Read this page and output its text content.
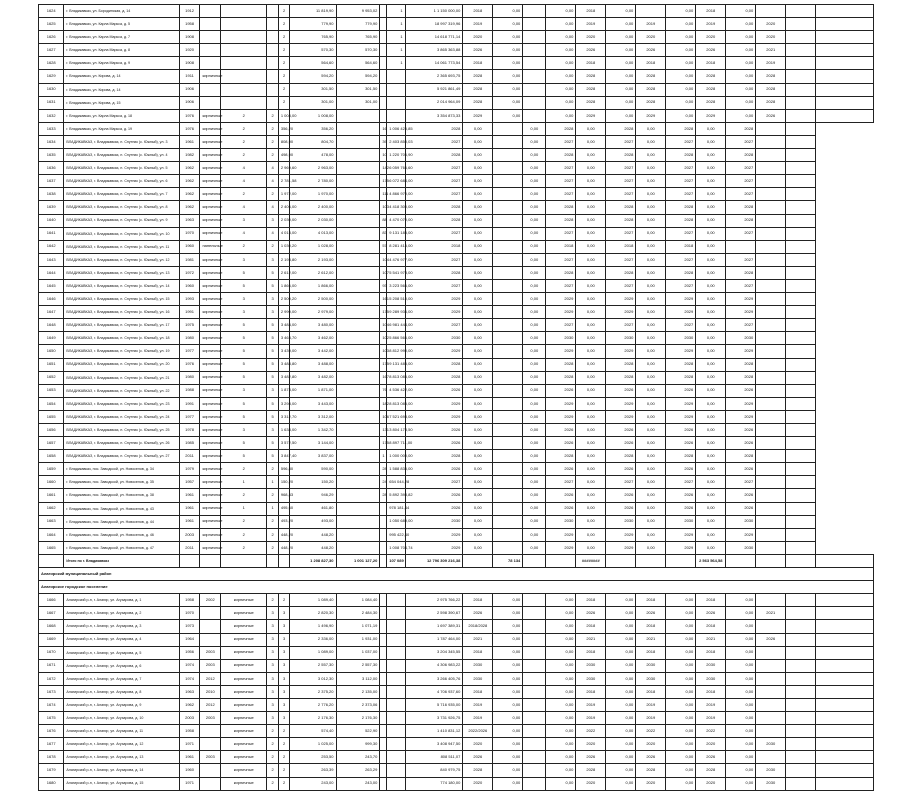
1624	г. Владикавказ, ул. Бородинская, д. 14	1912				2	11 819,90	9 953,02		1	1 1 150 000,00	2018	0,00		0,00	2018	0,00		0,00	2018	0,00			
1625	г. Владикавказ, ул. Карла Маркса, д. 5	1958				2	779,90	779,90		1	18 997 319,96	2019	0,00		0,00	2019	0,00	2019	0,00	2019	0,00	2020		
1626	г. Владикавказ, ул. Карла Маркса, д. 7	1908				2	765,90	765,90		1	14 618 771,14	2020	0,00		0,00	2020	0,00	2020	0,00	2020	0,00	2020		
1627	г. Владикавказ, ул. Карла Маркса, д. 8	1920				2	570,30	570,30		1	3 865 363,88	2026	0,00		0,00	2026	0,00	2026	0,00	2026	0,00	2021		
1628	г. Владикавказ, ул. Карла Маркса, д. 9	1908				2	564,60	564,60		1	14 061 773,54	2018	0,00		0,00	2018	0,00	2018	0,00	2018	0,00	2019		
1629	г. Владикавказ, ул. Кирова, д. 14	1911	кирпичные			2	594,20	594,20			2 365 693,75	2028	0,00		0,00	2028	0,00	2028	0,00	2028	0,00	2028		
1630	г. Владикавказ, ул. Кирова, д. 14	1906				2	301,50	301,50			5 921 861,49	2028	0,00		0,00	2028	0,00	2028	0,00	2028	0,00	2028		
1631	г. Владикавказ, ул. Кирова, д. 15	1906				2	301,00	301,00			2 014 964,09	2028	0,00		0,00	2028	0,00	2028	0,00	2028	0,00	2028		
1632	г. Владикавказ, ул. Карла Маркса, д. 18	1976	кирпичные	2	2	1 008,00	1 008,00				3 354 873,33	2029	0,00		0,00	2029	0,00	2029	0,00	2029	0,00	2026		
1633	г. Владикавказ, ул. Карла Маркса, д. 19	1976	кирпичные	2	2	356,20	356,20		16	1 006 425,85	2028	0,00		0,00	2028	0,00	2028	0,00	2028	0,00	2028			
1634	ВЛАДИКАВКАЗ, г. Владикавказ, п. Спутник (с. Южный), ул. 3	1961	кирпичные	2	2	808,90	804,70		39	2 403 850,03	2027	0,00		0,00	2027	0,00	2027	0,00	2027	0,00	2027			
1635	ВЛАДИКАВКАЗ, г. Владикавказ, п. Спутник (с. Южный), ул. 4	1982	кирпичные	2	2	498,90	478,00		10	1 220 706,90	2028	0,00		0,00	2028	0,00	2028	0,00	2028	0,00	2028			
1636	ВЛАДИКАВКАЗ, г. Владикавказ, п. Спутник (с. Южный), ул. 5	1962	кирпичные	4	4	2 969,60	2 963,00		142	6 059 766,60	2027	0,00		0,00	2027	0,00	2027	0,00	2027	0,00	2027			
1637	ВЛАДИКАВКАЗ, г. Владикавказ, п. Спутник (с. Южный), ул. 6	1962	кирпичные	4	4	2 781,58	2 780,00		175	6 072 684,00	2027	0,00		0,00	2027	0,00	2027	0,00	2027	0,00	2027			
1638	ВЛАДИКАВКАЗ, г. Владикавказ, п. Спутник (с. Южный), ул. 7	1962	кирпичные	2	2	1 972,00	1 970,00		111	4 866 970,00	2027	0,00		0,00	2027	0,00	2027	0,00	2027	0,00	2027			
1639	ВЛАДИКАВКАЗ, г. Владикавказ, п. Спутник (с. Южный), ул. 8	1962	кирпичные	4	4	2 406,00	2 400,00		103	4 418 300,00	2028	0,00		0,00	2028	0,00	2028	0,00	2028	0,00	2028			
1640	ВЛАДИКАВКАЗ, г. Владикавказ, п. Спутник (с. Южный), ул. 9	1963	кирпичные	3	3	2 030,00	2 030,00		88	4 470 070,00	2028	0,00		0,00	2028	0,00	2028	0,00	2028	0,00	2028			
1641	ВЛАДИКАВКАЗ, г. Владикавказ, п. Спутник (с. Южный), ул. 10	1970	кирпичные	4	4	4 013,00	4 013,00		83	9 131 185,00	2027	0,00		0,00	2027	0,00	2027	0,00	2027	0,00	2027			
1642	ВЛАДИКАВКАЗ, г. Владикавказ, п. Спутник (с. Южный), ул. 11	1960	панельные	2	2	1 030,20	1 028,00		57	8 281 415,00	2018	0,00		0,00	2018	0,00	2018	0,00	2018	0,00				
1643	ВЛАДИКАВКАЗ, г. Владикавказ, п. Спутник (с. Южный), ул. 12	1981	кирпичные	3	3	2 193,80	2 193,00		104	4 476 977,00	2027	0,00		0,00	2027	0,00	2027	0,00	2027	0,00	2027			
1644	ВЛАДИКАВКАЗ, г. Владикавказ, п. Спутник (с. Южный), ул. 13	1972	кирпичные	5	5	2 612,00	2 612,00		107	5 541 973,00	2028	0,00		0,00	2028	0,00	2028	0,00	2028	0,00	2028			
1645	ВЛАДИКАВКАЗ, г. Владикавказ, п. Спутник (с. Южный), ул. 14	1960	кирпичные	5	5	1 866,00	1 866,00		93	3 223 566,00	2027	0,00		0,00	2027	0,00	2027	0,00	2027	0,00	2027			
1646	ВЛАДИКАВКАЗ, г. Владикавказ, п. Спутник (с. Южный), ул. 15	1993	кирпичные	3	3	2 500,20	2 500,00		161	5 208 510,00	2029	0,00		0,00	2029	0,00	2029	0,00	2029	0,00	2029			
1647	ВЛАДИКАВКАЗ, г. Владикавказ, п. Спутник (с. Южный), ул. 16	1991	кирпичные	3	3	2 990,00	2 979,00		175	9 289 936,00	2029	0,00		0,00	2029	0,00	2029	0,00	2029	0,00	2029			
1648	ВЛАДИКАВКАЗ, г. Владикавказ, п. Спутник (с. Южный), ул. 17	1975	кирпичные	5	5	3 484,00	3 480,00		104	6 981 444,00	2027	0,00		0,00	2027	0,00	2027	0,00	2027	0,00	2027			
1649	ВЛАДИКАВКАЗ, г. Владикавказ, п. Спутник (с. Южный), ул. 18	1980	кирпичные	5	5	3 463,70	3 462,00		102	5 866 566,00	2030	0,00		0,00	2030	0,00	2030	0,00	2030	0,00	2030			
1650	ВЛАДИКАВКАЗ, г. Владикавказ, п. Спутник (с. Южный), ул. 19	1977	кирпичные	5	5	3 439,00	3 442,00		103	8 812 990,00	2029	0,00		0,00	2029	0,00	2029	0,00	2029	0,00	2029			
1651	ВЛАДИКАВКАЗ, г. Владикавказ, п. Спутник (с. Южный), ул. 20	1976	кирпичные	5	5	3 488,80	3 488,00		175	9 131 485,00	2028	0,00		0,00	2028	0,00	2028	0,00	2028	0,00	2028			
1652	ВЛАДИКАВКАЗ, г. Владикавказ, п. Спутник (с. Южный), ул. 21	1980	кирпичные	5	5	3 482,80	3 482,00		167	8 813 085,00	2028	0,00		0,00	2028	0,00	2028	0,00	2028	0,00	2028			
1653	ВЛАДИКАВКАЗ, г. Владикавказ, п. Спутник (с. Южный), ул. 22	1988	кирпичные	3	3	1 873,00	1 871,00		76	4 536 422,00	2026	0,00		0,00	2026	0,00	2026	0,00	2026	0,00	2026			
1654	ВЛАДИКАВКАЗ, г. Владикавказ, п. Спутник (с. Южный), ул. 23	1991	кирпичные	5	5	3 298,00	3 443,00		182	8 813 085,00	2029	0,00		0,00	2029	0,00	2029	0,00	2029	0,00	2029			
1655	ВЛАДИКАВКАЗ, г. Владикавказ, п. Спутник (с. Южный), ул. 24	1977	кирпичные	5	5	3 312,70	3 312,00		106	7 521 693,00	2029	0,00		0,00	2029	0,00	2029	0,00	2029	0,00	2029			
1656	ВЛАДИКАВКАЗ, г. Владикавказ, п. Спутник (с. Южный), ул. 25	1978	кирпичные	3	3	1 638,00	1 342,70		131	3 804 173,50	2026	0,00		0,00	2026	0,00	2026	0,00	2026	0,00	2026			
1657	ВЛАДИКАВКАЗ, г. Владикавказ, п. Спутник (с. Южный), ул. 26	1985	кирпичные	5	5	3 572,50	3 144,00		175	8 897 711,00	2026	0,00		0,00	2026	0,00	2026	0,00	2026	0,00	2026			
1658	ВЛАДИКАВКАЗ, г. Владикавказ, п. Спутник (с. Южный), ул. 27	2011	кирпичные	5	5	3 847,40	3 837,00		1	1 000 000,00	2028	0,00		0,00	2028	0,00	2028	0,00	2028	0,00	2028			
1659	г. Владикавказ, пос. Заводской, ул. Новоселов, д. 34	1979	кирпичные	2	2	596,80	590,00		28	1 588 835,00	2026	0,00		0,00	2026	0,00	2026	0,00	2026	0,00	2026			
1660	г. Владикавказ, пос. Заводской, ул. Новоселов, д. 35	1957	кирпичные	1	1	150,20	150,20		24	654 044,28	2027	0,00		0,00	2027	0,00	2027	0,00	2027	0,00	2027			
1661	г. Владикавказ, пос. Заводской, ул. Новоселов, д. 38	1961	кирпичные	2	2	968,43	946,29		28	5 892 398,82	2026	0,00		0,00	2026	0,00	2026	0,00	2026	0,00	2026			
1662	г. Владикавказ, пос. Заводской, ул. Новоселов, д. 43	1961	кирпичные	1	1	495,60	461,80			978 181,44	2026	0,00		0,00	2026	0,00	2026	0,00	2026	0,00	2026			
1663	г. Владикавказ, пос. Заводской, ул. Новоселов, д. 44	1961	кирпичные	2	2	493,20	493,00			1 050 689,00	2030	0,00		0,00	2030	0,00	2030	0,00	2030	0,00	2030			
1664	г. Владикавказ, пос. Заводской, ул. Новоселов, д. 46	2003	кирпичные	2	2	448,20	448,20			995 422,40	2029	0,00		0,00	2029	0,00	2029	0,00	2029	0,00	2029			
1665	г. Владикавказ, пос. Заводской, ул. Новоселов, д. 47	2011	кирпичные	2	2	448,20	448,20			1 008 704,74	2029	0,00		0,00	2029	0,00	2029	0,00	2029	0,00	2030			
	Итого по г. Владикавказ						1 208 827,30	1 001 127,20		107 089	12 796 309 216,38		78 134			########				2 563 564,58				
Алагирский муниципальный район																								
Алагирское городское поселение																								
1666	Алагирский р-н, г. Алагир, ул. Агузарова, д. 1	1958	2002	кирпичные	2	2	1 089,40	1 084,40			2 975 766,22	2018	0,00		0,00	2018	0,00	2018	0,00	2018	0,00			
1667	Алагирский р-н, г. Алагир, ул. Агузарова, д. 2	1970		кирпичные	3	3	2 820,30	2 484,30			2 598 390,67	2026	0,00		0,00	2026	0,00	2026	0,00	2026	0,00	2021		
1668	Алагирский р-н, г. Алагир, ул. Агузарова, д. 3	1973		кирпичные	3	3	1 496,90	1 071,19			1 697 389,31	2018/2028	0,00		0,00	2018	0,00	2018	0,00	2018	0,00			
1669	Алагирский р-н, г. Алагир, ул. Агузарова, д. 4	1964		кирпичные	3	3	2 336,00	1 931,00			1 787 464,00	2021	0,00		0,00	2021	0,00	2021	0,00	2021	0,00	2026		
1670	Алагирский р-н, г. Алагир, ул. Агузарова, д. 5	1956	2003	кирпичные	3	3	1 089,00	1 037,00			3 204 345,55	2018	0,00		0,00	2018	0,00	2018	0,00	2018	0,00			
1671	Алагирский р-н, г. Алагир, ул. Агузарова, д. 6	1974	2003	кирпичные	3	3	2 557,30	2 557,30			4 306 983,22	2030	0,00		0,00	2030	0,00	2030	0,00	2030	0,00			
1672	Алагирский р-н, г. Алагир, ул. Агузарова, д. 7	1974	2012	кирпичные	3	3	3 012,30	3 112,00			3 266 405,76	2030	0,00		0,00	2030	0,00	2030	0,00	2030	0,00			
1673	Алагирский р-н, г. Алагир, ул. Агузарова, д. 8	1963	2010	кирпичные	3	3	2 375,20	2 135,00			4 706 937,60	2018	0,00		0,00	2018	0,00	2018	0,00	2018	0,00			
1674	Алагирский р-н, г. Алагир, ул. Агузарова, д. 9	1962	2012	кирпичные	3	3	2 776,20	2 373,06			5 716 935,00	2019	0,00		0,00	2019	0,00	2019	0,00	2019	0,00			
1675	Алагирский р-н, г. Алагир, ул. Агузарова, д. 10	2003	2003	кирпичные	3	3	2 176,30	2 176,30			3 731 926,75	2019	0,00		0,00	2019	0,00	2019	0,00	2019	0,00			
1676	Алагирский р-н, г. Алагир, ул. Агузарова, д. 11	1958		кирпичные	2	2	574,40	522,90			1 410 831,12	2022/2026	0,00		0,00	2022	0,00	2022	0,00	2022	0,00			
1677	Алагирский р-н, г. Алагир, ул. Агузарова, д. 12	1971		кирпичные	2	2	1 025,00	999,30			3 408 947,50	2020	0,00		0,00	2020	0,00	2020	0,00	2020	0,00	2030		
1678	Алагирский р-н, г. Алагир, ул. Агузарова, д. 13	1961	2003	кирпичные	2	2	253,50	243,70			808 511,07	2026	0,00		0,00	2026	0,00	2026	0,00	2026	0,00			
1679	Алагирский р-н, г. Алагир, ул. Агузарова, д. 14	1960		кирпичные	2	2	263,39	263,29			840 979,75	2028	0,00		0,00	2028	0,00	2028	0,00	2028	0,00	2030		
1680	Алагирский р-н, г. Алагир, ул. Агузарова, д. 15	1971		кирпичные	2	2	243,00	243,00			774 180,00	2020	0,00		0,00	2020	0,00	2020	0,00	2020	0,00	2030		
